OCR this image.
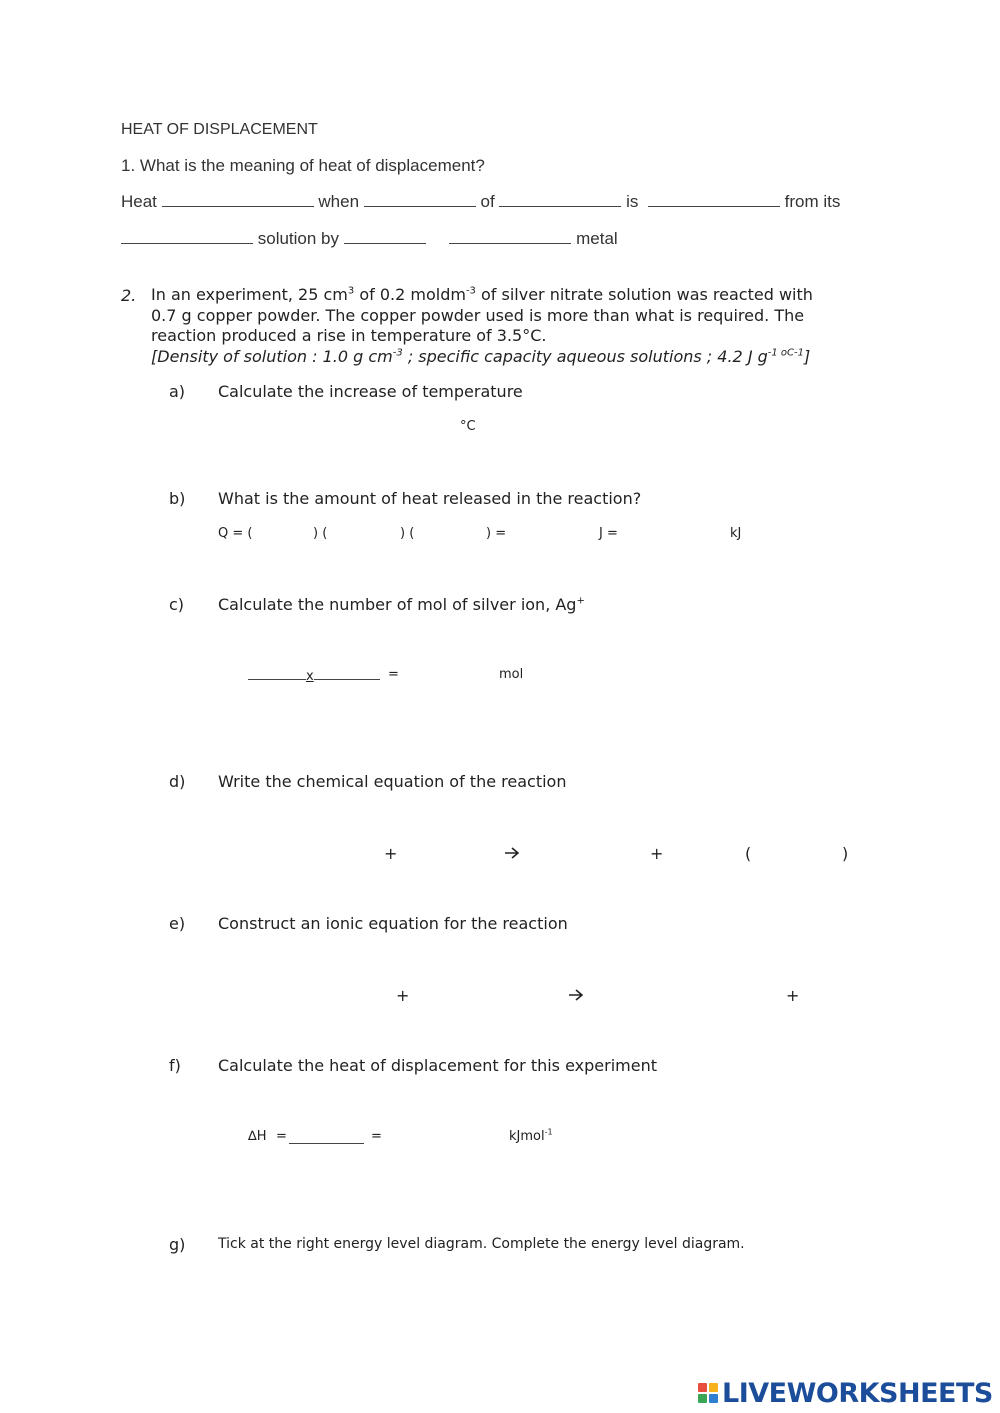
HEAT OF DISPLACEMENT
1. What is the meaning of heat of displacement?
Heat	when	of	is	from its
solution by	metal
2. In an experiment, 25 $cm^3$ of 0.2 moldm$^{-3}$ of silver nitrate solution was reacted with
0.7 g copper powder. The copper powder used is more than what is required. The
reaction produced a rise in temperature of 3.5°C.
[Density of solution : 1.0 g $cm^{-3}$ ; specific capacity aqueous solutions ; 4.2 J $g^{-1 oC-1}$]
a) Calculate the increase of temperature
°C
b) What is the amount of heat released in the reaction?
Q = (	) (	) (	) =	J =	kJ
c) Calculate the number of mol of silver ion, Ag+
x	=	mol
d) Write the chemical equation of the reaction
+	+	(	)
e) Construct an ionic equation for the reaction
+	+
f) Calculate the heat of displacement for this experiment
∆H =	=	kJmol$^{-1}$
g) Tick at the right energy level diagram. Complete the energy level diagram.
LIVEWORKSHEETS
